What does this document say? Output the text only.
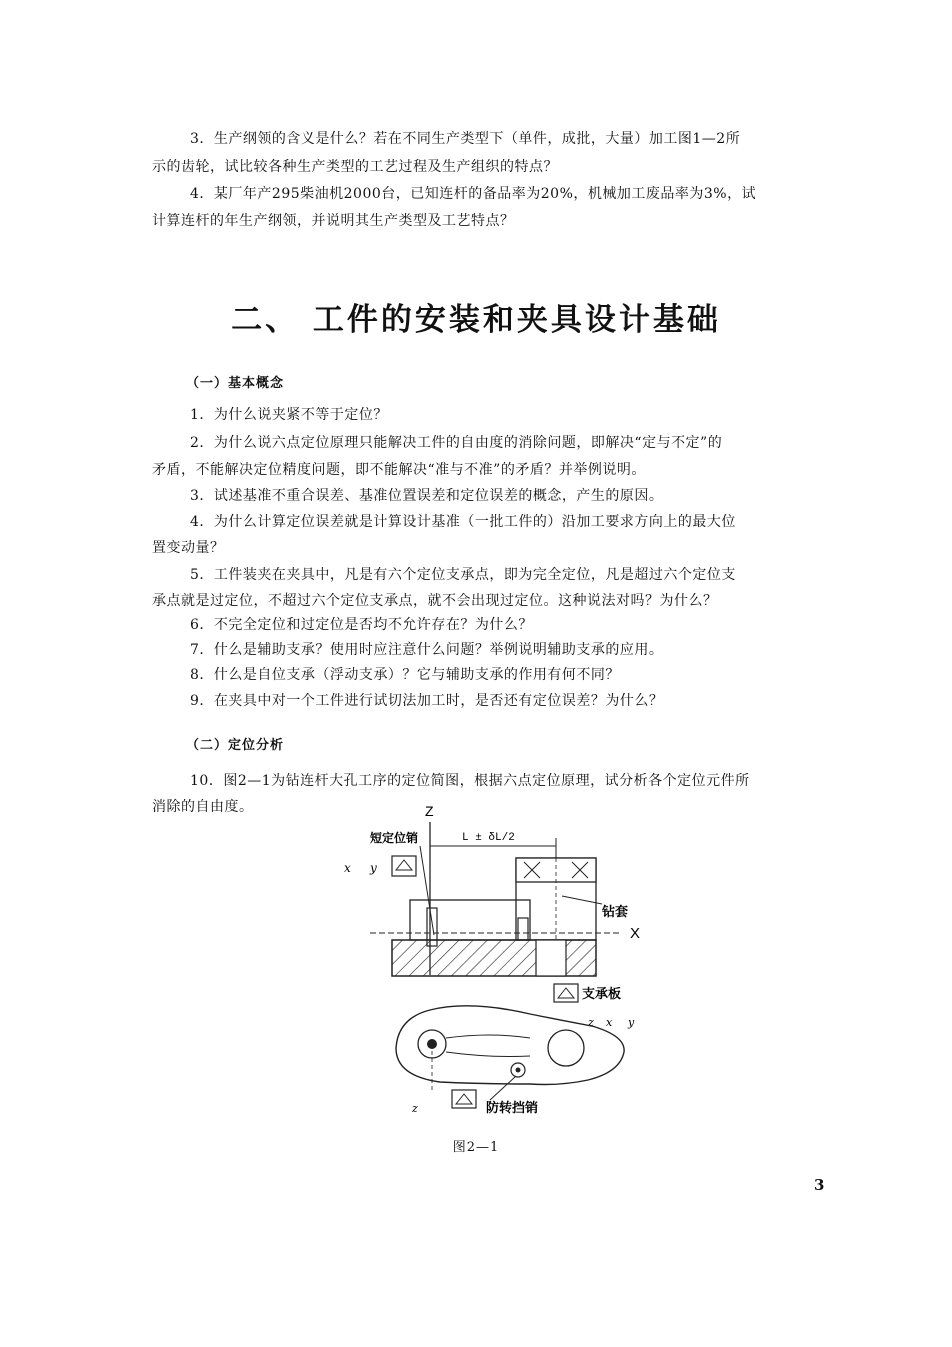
3．生产纲领的含义是什么？若在不同生产类型下（单件，成批，大量）加工图1—2所
示的齿轮，试比较各种生产类型的工艺过程及生产组织的特点？
4．某厂年产295柴油机2000台，已知连杆的备品率为20%，机械加工废品率为3%，试
计算连杆的年生产纲领，并说明其生产类型及工艺特点？
二、 工件的安装和夹具设计基础
（一）基本概念
1．为什么说夹紧不等于定位？
2．为什么说六点定位原理只能解决工件的自由度的消除问题，即解决“定与不定”的
矛盾，不能解决定位精度问题，即不能解决“准与不准”的矛盾？并举例说明。
3．试述基准不重合误差、基准位置误差和定位误差的概念，产生的原因。
4．为什么计算定位误差就是计算设计基准（一批工件的）沿加工要求方向上的最大位
置变动量？
5．工件装夹在夹具中，凡是有六个定位支承点，即为完全定位，凡是超过六个定位支
承点就是过定位，不超过六个定位支承点，就不会出现过定位。这种说法对吗？为什么？
6．不完全定位和过定位是否均不允许存在？为什么？
7．什么是辅助支承？使用时应注意什么问题？举例说明辅助支承的应用。
8．什么是自位支承（浮动支承）？它与辅助支承的作用有何不同？
9．在夹具中对一个工件进行试切法加工时，是否还有定位误差？为什么？
（二）定位分析
10．图2—1为钻连杆大孔工序的定位简图，根据六点定位原理，试分析各个定位元件所
消除的自由度。	Z
L ± δL/2
短定位销
x y
X
钻套
支承板
z x y
z	防转挡销
图2—1
3
